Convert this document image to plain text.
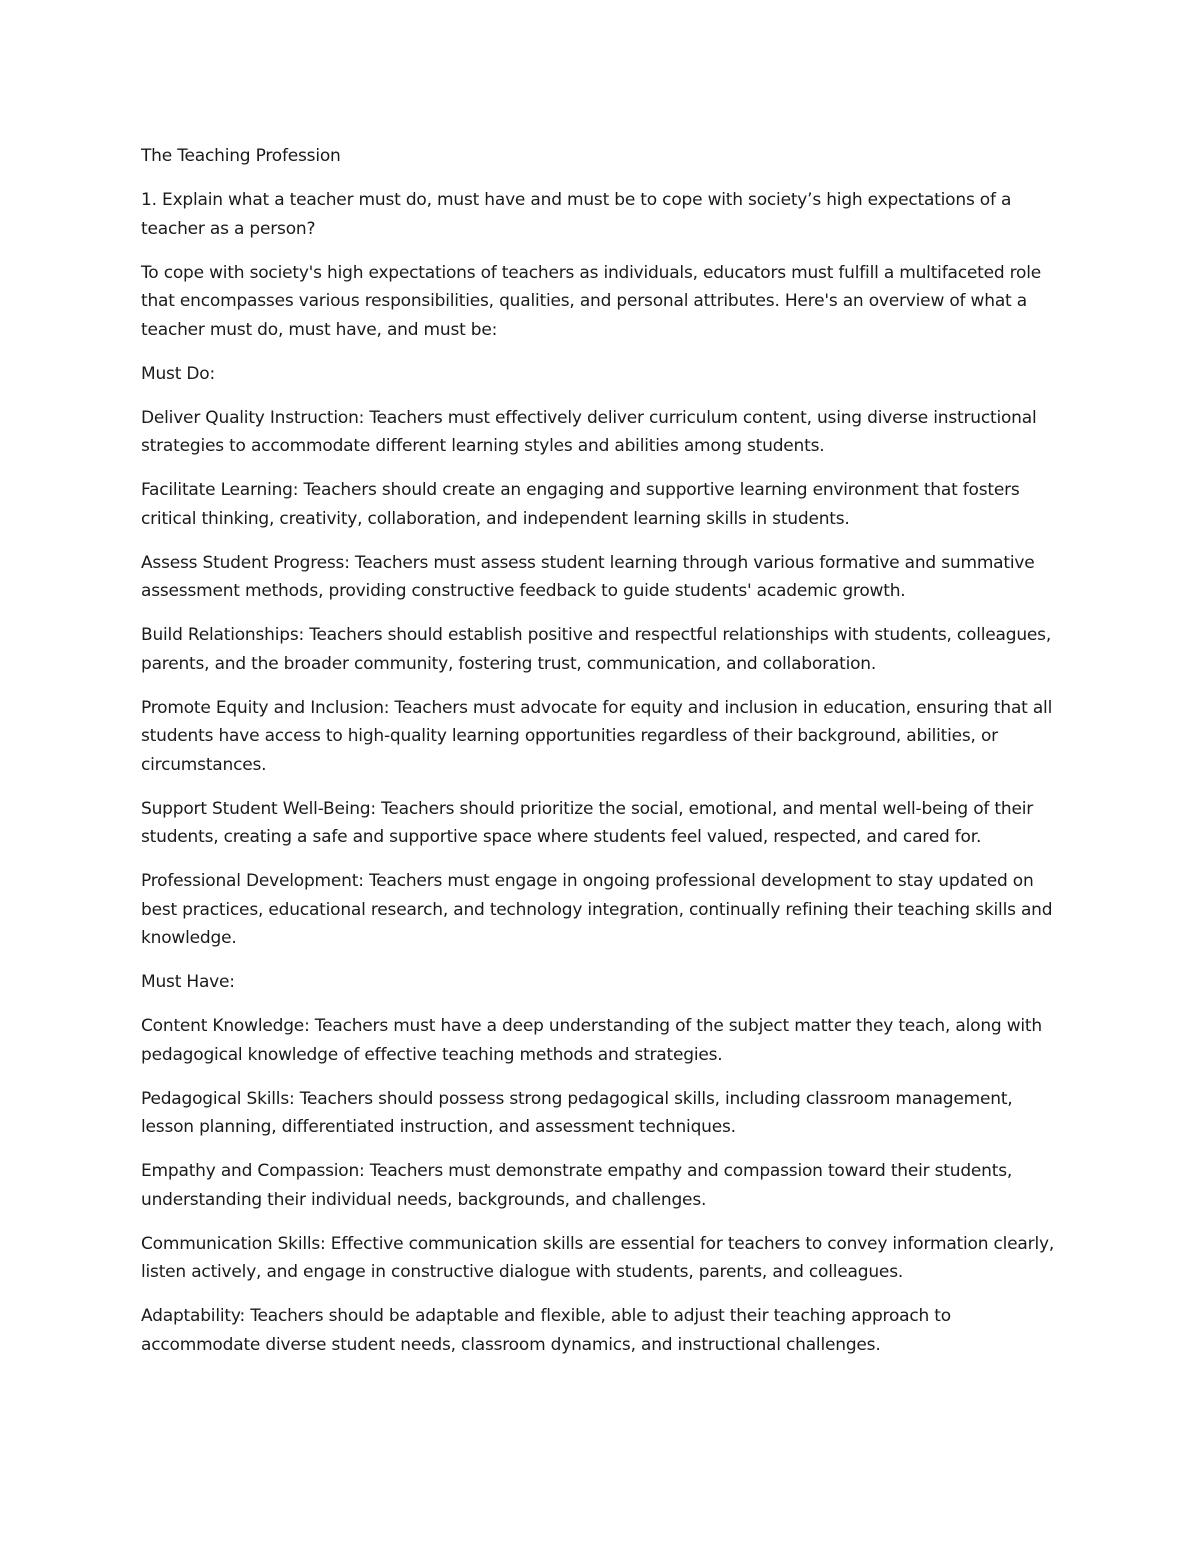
The Teaching Profession

1. Explain what a teacher must do, must have and must be to cope with society’s high expectations of a teacher as a person?

To cope with society's high expectations of teachers as individuals, educators must fulfill a multifaceted role that encompasses various responsibilities, qualities, and personal attributes. Here's an overview of what a teacher must do, must have, and must be:

Must Do:

Deliver Quality Instruction: Teachers must effectively deliver curriculum content, using diverse instructional strategies to accommodate different learning styles and abilities among students.

Facilitate Learning: Teachers should create an engaging and supportive learning environment that fosters critical thinking, creativity, collaboration, and independent learning skills in students.

Assess Student Progress: Teachers must assess student learning through various formative and summative assessment methods, providing constructive feedback to guide students' academic growth.

Build Relationships: Teachers should establish positive and respectful relationships with students, colleagues, parents, and the broader community, fostering trust, communication, and collaboration.

Promote Equity and Inclusion: Teachers must advocate for equity and inclusion in education, ensuring that all students have access to high-quality learning opportunities regardless of their background, abilities, or circumstances.

Support Student Well-Being: Teachers should prioritize the social, emotional, and mental well-being of their students, creating a safe and supportive space where students feel valued, respected, and cared for.

Professional Development: Teachers must engage in ongoing professional development to stay updated on best practices, educational research, and technology integration, continually refining their teaching skills and knowledge.

Must Have:

Content Knowledge: Teachers must have a deep understanding of the subject matter they teach, along with pedagogical knowledge of effective teaching methods and strategies.

Pedagogical Skills: Teachers should possess strong pedagogical skills, including classroom management, lesson planning, differentiated instruction, and assessment techniques.

Empathy and Compassion: Teachers must demonstrate empathy and compassion toward their students, understanding their individual needs, backgrounds, and challenges.

Communication Skills: Effective communication skills are essential for teachers to convey information clearly, listen actively, and engage in constructive dialogue with students, parents, and colleagues.

Adaptability: Teachers should be adaptable and flexible, able to adjust their teaching approach to accommodate diverse student needs, classroom dynamics, and instructional challenges.
